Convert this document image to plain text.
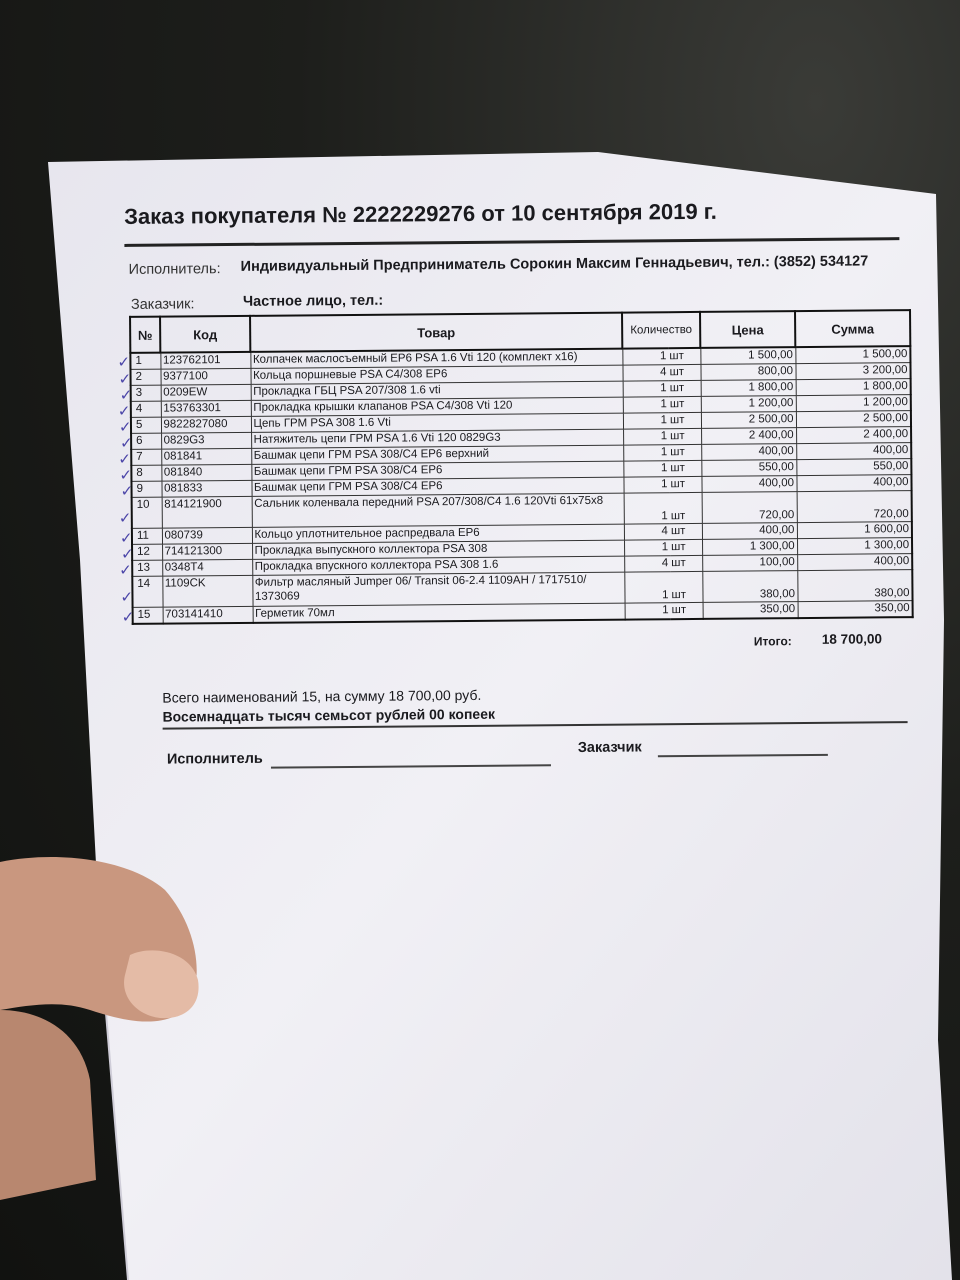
Заказ покупателя № 2222229276 от 10 сентября 2019 г.
Исполнитель: Индивидуальный Предприниматель Сорокин Максим Геннадьевич, тел.: (3852) 534127
Заказчик:	Частное лицо, тел.:
№	Код	Товар	Количество		Цена	Сумма
1	123762101	Колпачек маслосъемный EP6 PSA 1.6 Vti 120 (комплект x16)	1	шт	1 500,00	1 500,00
2	9377100	Кольца поршневые PSA C4/308 EP6	4	шт	800,00	3 200,00
3	0209EW	Прокладка ГБЦ PSA 207/308 1.6 vti	1	шт	1 800,00	1 800,00
4	153763301	Прокладка крышки клапанов PSA C4/308 Vti 120	1	шт	1 200,00	1 200,00
5	9822827080	Цепь ГРМ PSA 308 1.6 Vti	1	шт	2 500,00	2 500,00
6	0829G3	Натяжитель цепи ГРМ PSA 1.6 Vti 120 0829G3	1	шт	2 400,00	2 400,00
7	081841	Башмак цепи ГРМ PSA 308/C4 EP6 верхний	1	шт	400,00	400,00
8	081840	Башмак цепи ГРМ PSA 308/C4 EP6	1	шт	550,00	550,00
9	081833	Башмак цепи ГРМ PSA 308/C4 EP6	1	шт	400,00	400,00
10	814121900	Сальник коленвала передний PSA 207/308/C4 1.6 120Vti 61x75x8	1	шт	720,00	720,00
11	080739	Кольцо уплотнительное распредвала EP6	4	шт	400,00	1 600,00
12	714121300	Прокладка выпускного коллектора PSA 308	1	шт	1 300,00	1 300,00
13	0348T4	Прокладка впускного коллектора PSA 308 1.6	4	шт	100,00	400,00
14	1109CK	Фильтр масляный Jumper 06/ Transit 06-2.4 1109AH / 1717510/ 1373069	1	шт	380,00	380,00
15	703141410	Герметик 70мл	1	шт	350,00	350,00
Итого: 18 700,00
Всего наименований 15, на сумму 18 700,00 руб.
Восемнадцать тысяч семьсот рублей 00 копеек
Исполнитель
Заказчик
✓
✓
✓
✓
✓
✓
✓
✓
✓
✓
✓
✓
✓
✓
✓
